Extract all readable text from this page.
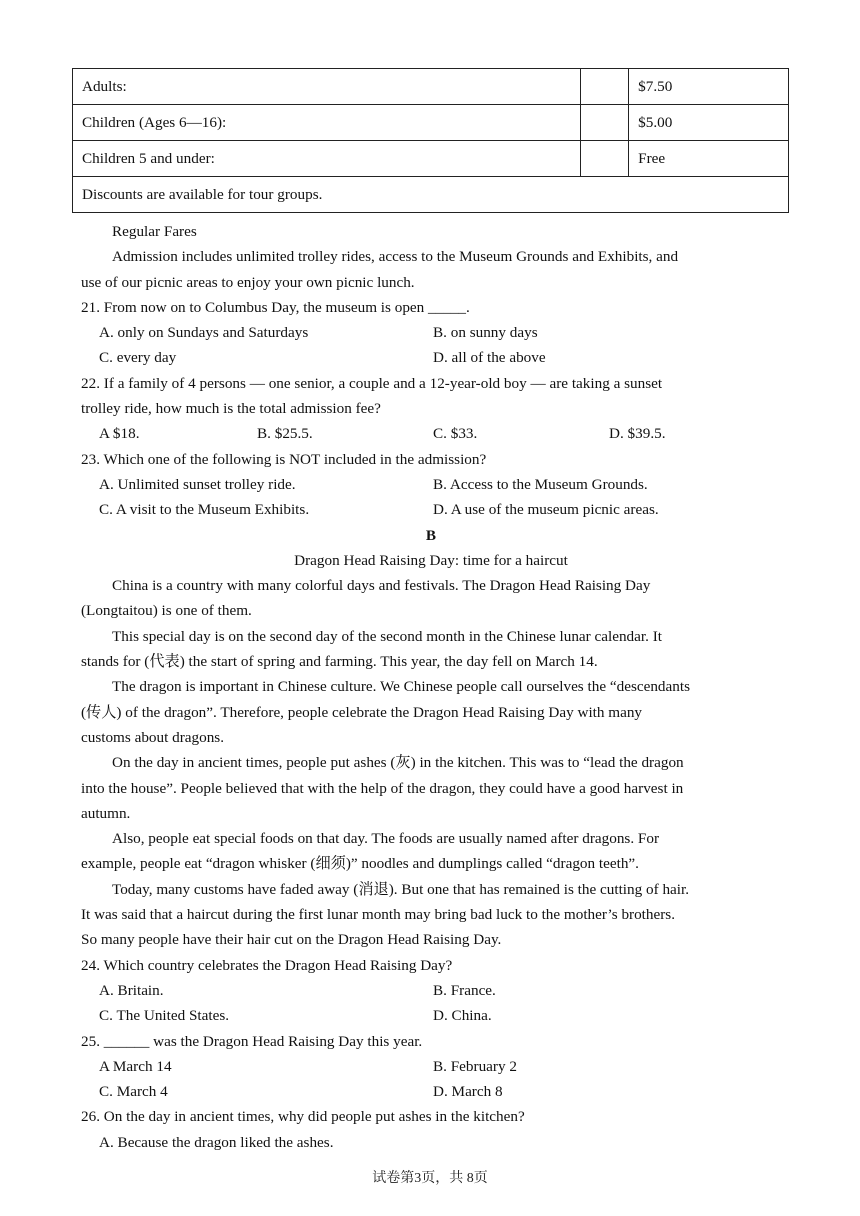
Adults:		$7.50
Children (Ages 6—16):		$5.00
Children 5 and under:		Free
Discounts are available for tour groups.		
Regular Fares
Admission includes unlimited trolley rides, access to the Museum Grounds and Exhibits, and
use of our picnic areas to enjoy your own picnic lunch.
21. From now on to Columbus Day, the museum is open _____.
A. only on Sundays and Saturdays	B. on sunny days
C. every day	D. all of the above
22. If a family of 4 persons — one senior, a couple and a 12-year-old boy — are taking a sunset
trolley ride, how much is the total admission fee?
A $18.	B. $25.5.	C. $33.	D. $39.5.
23. Which one of the following is NOT included in the admission?
A. Unlimited sunset trolley ride.	B. Access to the Museum Grounds.
C. A visit to the Museum Exhibits.	D. A use of the museum picnic areas.
B
Dragon Head Raising Day: time for a haircut
China is a country with many colorful days and festivals. The Dragon Head Raising Day
(Longtaitou) is one of them.
This special day is on the second day of the second month in the Chinese lunar calendar. It
stands for (代表) the start of spring and farming. This year, the day fell on March 14.
The dragon is important in Chinese culture. We Chinese people call ourselves the “descendants
(传人) of the dragon”. Therefore, people celebrate the Dragon Head Raising Day with many
customs about dragons.
On the day in ancient times, people put ashes (灰) in the kitchen. This was to “lead the dragon
into the house”. People believed that with the help of the dragon, they could have a good harvest in
autumn.
Also, people eat special foods on that day. The foods are usually named after dragons. For
example, people eat “dragon whisker (细须)” noodles and dumplings called “dragon teeth”.
Today, many customs have faded away (消退). But one that has remained is the cutting of hair.
It was said that a haircut during the first lunar month may bring bad luck to the mother’s brothers.
So many people have their hair cut on the Dragon Head Raising Day.
24. Which country celebrates the Dragon Head Raising Day?
A. Britain.	B. France.
C. The United States.	D. China.
25. ______ was the Dragon Head Raising Day this year.
A March 14	B. February 2
C. March 4	D. March 8
26. On the day in ancient times, why did people put ashes in the kitchen?
A. Because the dragon liked the ashes.
试卷第3页，共 8页
